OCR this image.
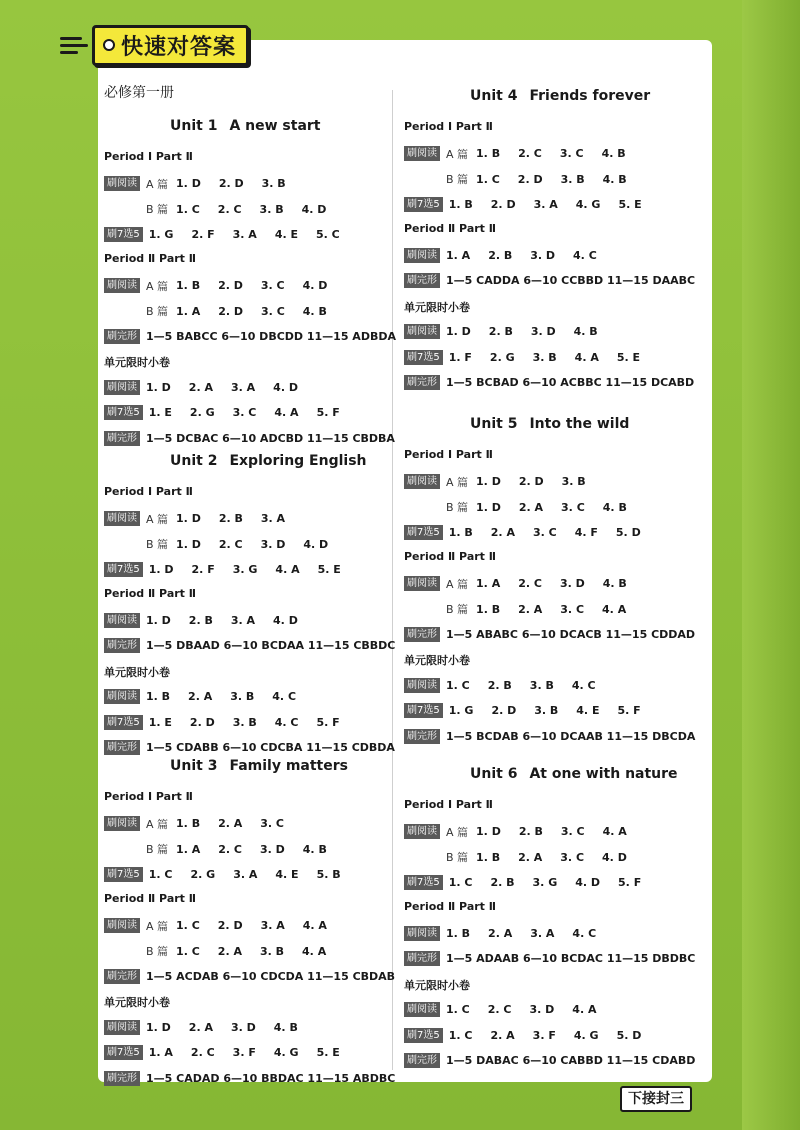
快速对答案
必修第一册
Unit 1 A new start
Period Ⅰ Part Ⅱ
刷阅读 A 篇 1. D 2. D 3. B
B 篇 1. C 2. C 3. B 4. D
刷7选5 1. G 2. F 3. A 4. E 5. C
Period Ⅱ Part Ⅱ
刷阅读 A 篇 1. B 2. D 3. C 4. D
B 篇 1. A 2. D 3. C 4. B
刷完形 1—5 BABCC 6—10 DBCDD 11—15 ADBDA
单元限时小卷
刷阅读 1. D 2. A 3. A 4. D
刷7选5 1. E 2. G 3. C 4. A 5. F
刷完形 1—5 DCBAC 6—10 ADCBD 11—15 CBDBA
Unit 2 Exploring English
Period Ⅰ Part Ⅱ
刷阅读 A 篇 1. D 2. B 3. A
B 篇 1. D 2. C 3. D 4. D
刷7选5 1. D 2. F 3. G 4. A 5. E
Period Ⅱ Part Ⅱ
刷阅读 1. D 2. B 3. A 4. D
刷完形 1—5 DBAAD 6—10 BCDAA 11—15 CBBDC
单元限时小卷
刷阅读 1. B 2. A 3. B 4. C
刷7选5 1. E 2. D 3. B 4. C 5. F
刷完形 1—5 CDABB 6—10 CDCBA 11—15 CDBDA
Unit 3 Family matters
Period Ⅰ Part Ⅱ
刷阅读 A 篇 1. B 2. A 3. C
B 篇 1. A 2. C 3. D 4. B
刷7选5 1. C 2. G 3. A 4. E 5. B
Period Ⅱ Part Ⅱ
刷阅读 A 篇 1. C 2. D 3. A 4. A
B 篇 1. C 2. A 3. B 4. A
刷完形 1—5 ACDAB 6—10 CDCDA 11—15 CBDAB
单元限时小卷
刷阅读 1. D 2. A 3. D 4. B
刷7选5 1. A 2. C 3. F 4. G 5. E
刷完形 1—5 CADAD 6—10 BBDAC 11—15 ABDBC
Unit 4 Friends forever
Period Ⅰ Part Ⅱ
刷阅读 A 篇 1. B 2. C 3. C 4. B
B 篇 1. C 2. D 3. B 4. B
刷7选5 1. B 2. D 3. A 4. G 5. E
Period Ⅱ Part Ⅱ
刷阅读 1. A 2. B 3. D 4. C
刷完形 1—5 CADDA 6—10 CCBBD 11—15 DAABC
单元限时小卷
刷阅读 1. D 2. B 3. D 4. B
刷7选5 1. F 2. G 3. B 4. A 5. E
刷完形 1—5 BCBAD 6—10 ACBBC 11—15 DCABD
Unit 5 Into the wild
Period Ⅰ Part Ⅱ
刷阅读 A 篇 1. D 2. D 3. B
B 篇 1. D 2. A 3. C 4. B
刷7选5 1. B 2. A 3. C 4. F 5. D
Period Ⅱ Part Ⅱ
刷阅读 A 篇 1. A 2. C 3. D 4. B
B 篇 1. B 2. A 3. C 4. A
刷完形 1—5 ABABC 6—10 DCACB 11—15 CDDAD
单元限时小卷
刷阅读 1. C 2. B 3. B 4. C
刷7选5 1. G 2. D 3. B 4. E 5. F
刷完形 1—5 BCDAB 6—10 DCAAB 11—15 DBCDA
Unit 6 At one with nature
Period Ⅰ Part Ⅱ
刷阅读 A 篇 1. D 2. B 3. C 4. A
B 篇 1. B 2. A 3. C 4. D
刷7选5 1. C 2. B 3. G 4. D 5. F
Period Ⅱ Part Ⅱ
刷阅读 1. B 2. A 3. A 4. C
刷完形 1—5 ADAAB 6—10 BCDAC 11—15 DBDBC
单元限时小卷
刷阅读 1. C 2. C 3. D 4. A
刷7选5 1. C 2. A 3. F 4. G 5. D
刷完形 1—5 DABAC 6—10 CABBD 11—15 CDABD
下接封三
